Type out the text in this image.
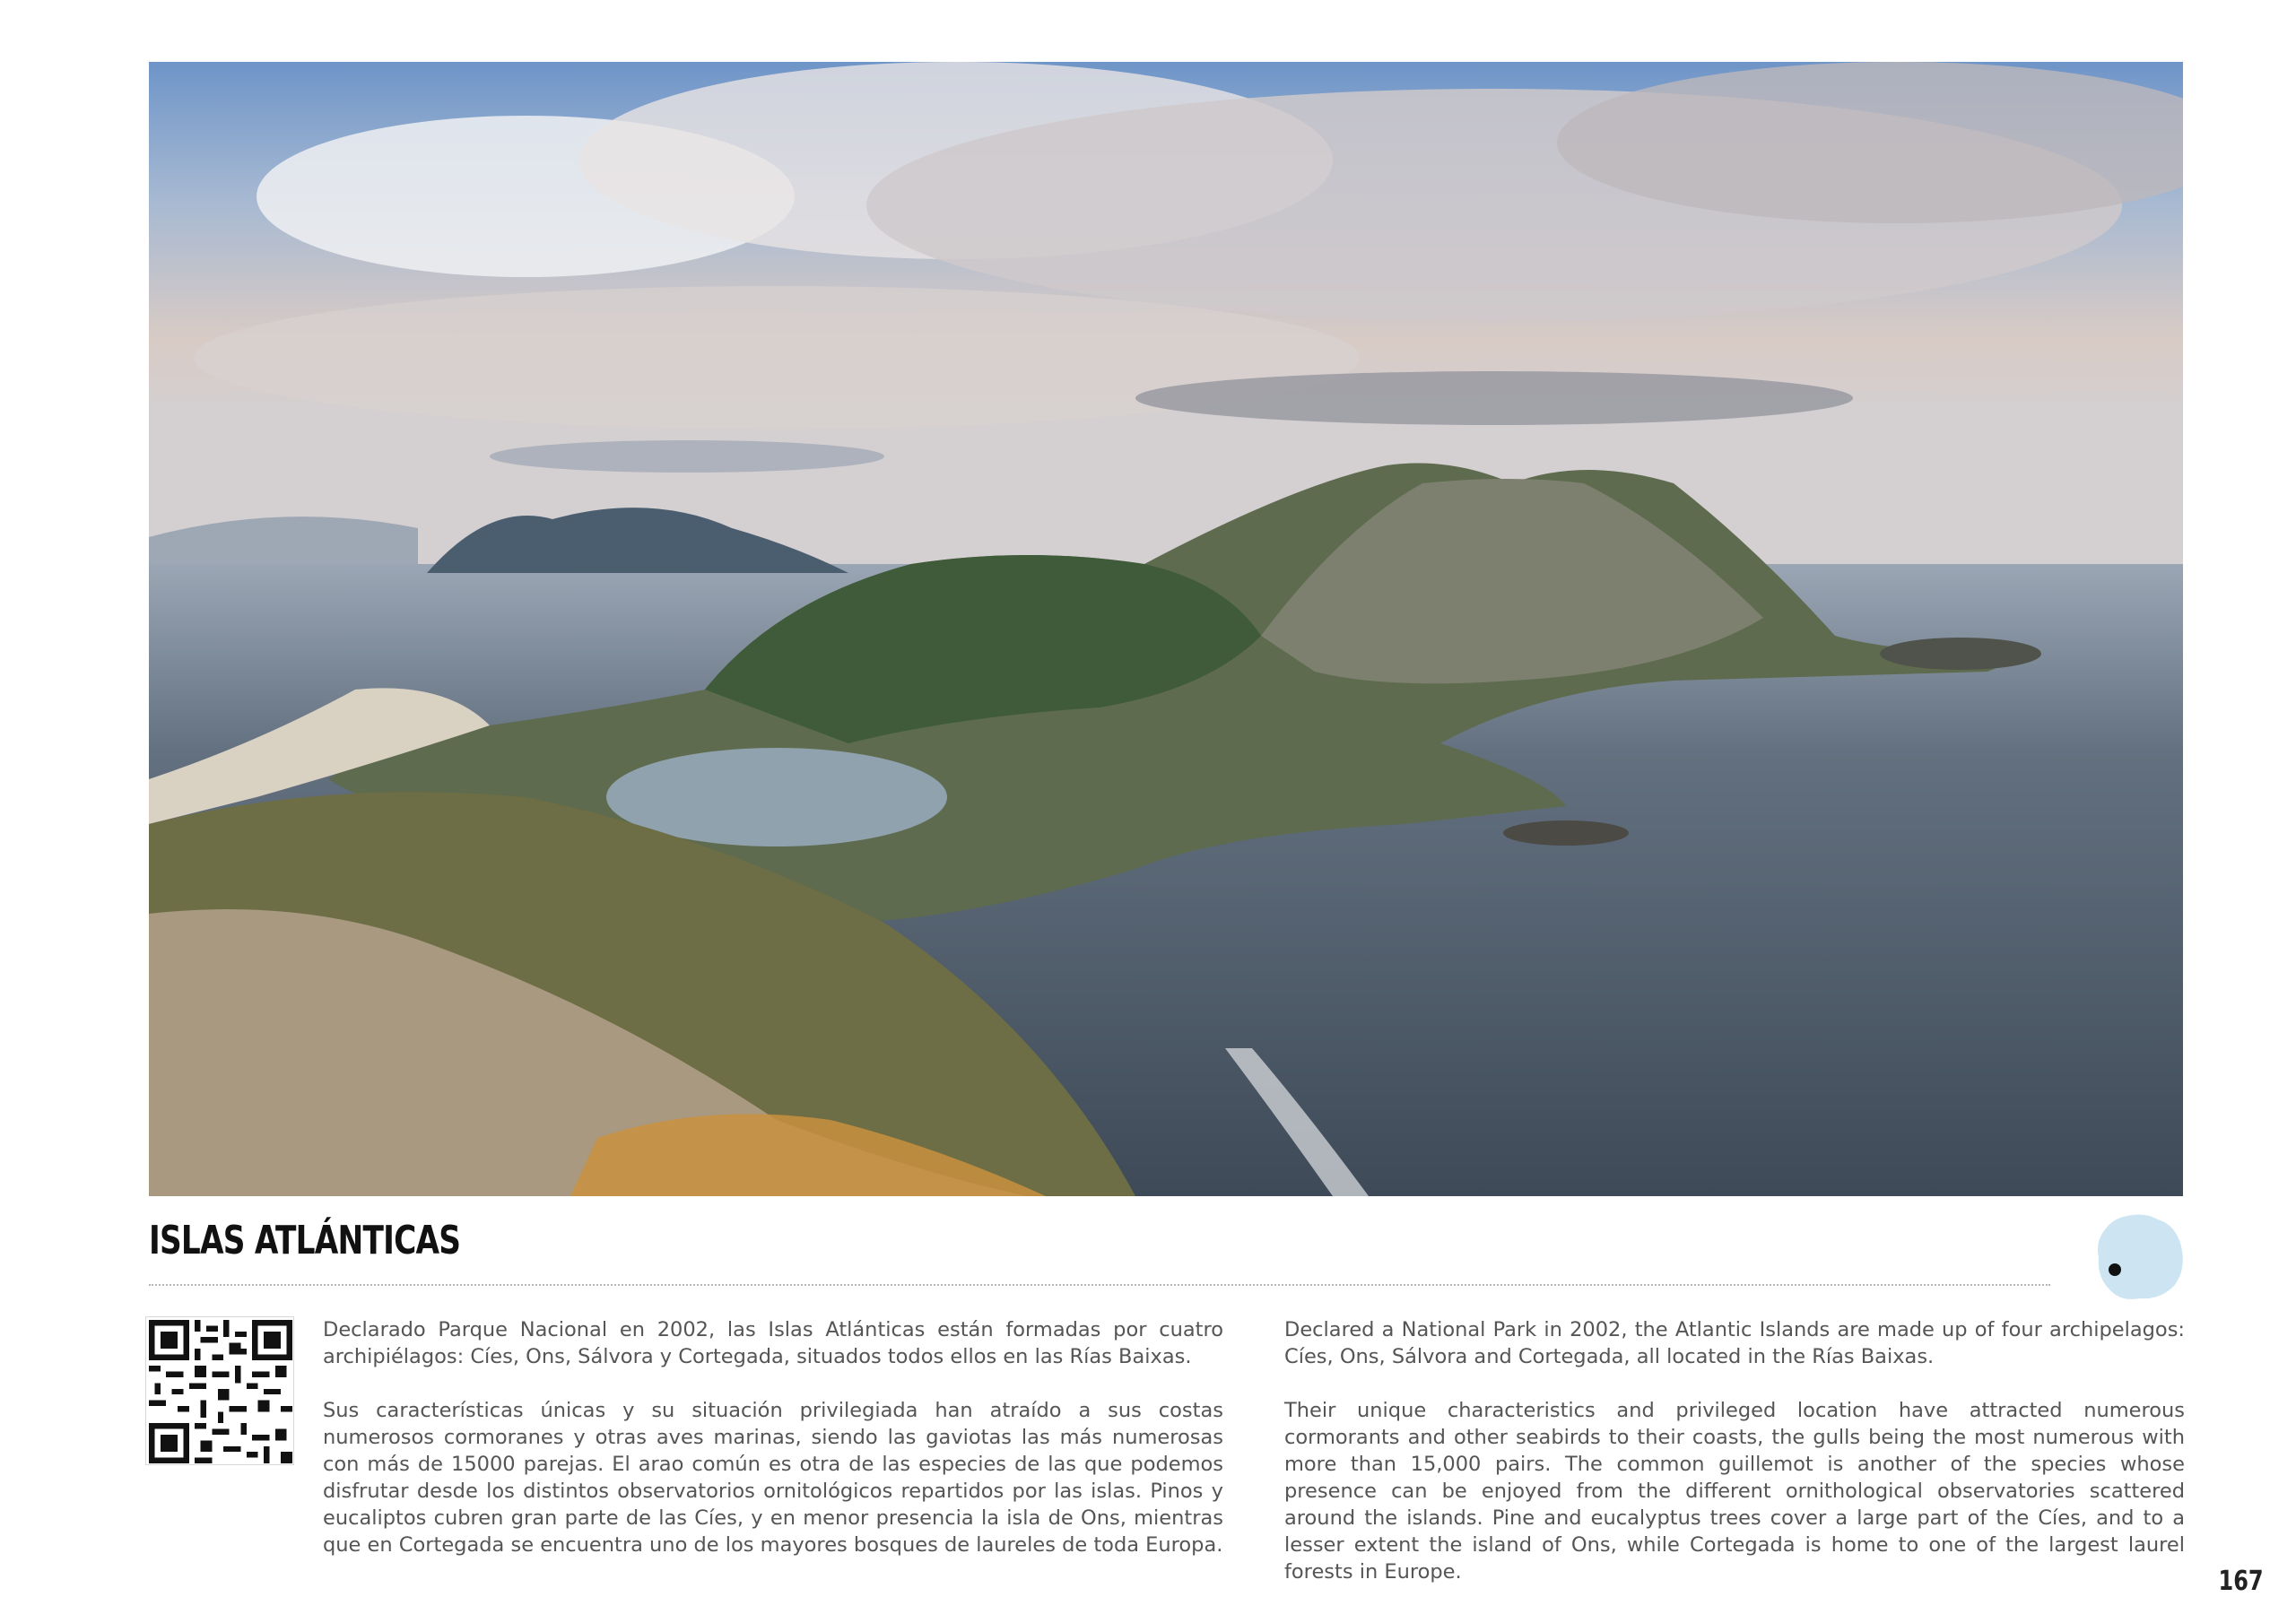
ISLAS ATLÁNTICAS

Declarado Parque Nacional en 2002, las Islas Atlánticas están formadas por cuatro archipiélagos: Cíes, Ons, Sálvora y Cortegada, situados todos ellos en las Rías Baixas.

Sus características únicas y su situación privilegiada han atraído a sus costas numerosos cormoranes y otras aves marinas, siendo las gaviotas las más numerosas con más de 15000 parejas. El arao común es otra de las especies de las que podemos disfrutar desde los distintos observatorios ornitológicos repartidos por las islas. Pinos y eucaliptos cubren gran parte de las Cíes, y en menor presencia la isla de Ons, mientras que en Cortegada se encuentra uno de los mayores bosques de laureles de toda Europa.

Declared a National Park in 2002, the Atlantic Islands are made up of four archipelagos: Cíes, Ons, Sálvora and Cortegada, all located in the Rías Baixas.

Their unique characteristics and privileged location have attracted numerous cormorants and other seabirds to their coasts, the gulls being the most numerous with more than 15,000 pairs. The common guillemot is another of the species whose presence can be enjoyed from the different ornithological observatories scattered around the islands. Pine and eucalyptus trees cover a large part of the Cíes, and to a lesser extent the island of Ons, while Cortegada is home to one of the largest laurel forests in Europe.	167
